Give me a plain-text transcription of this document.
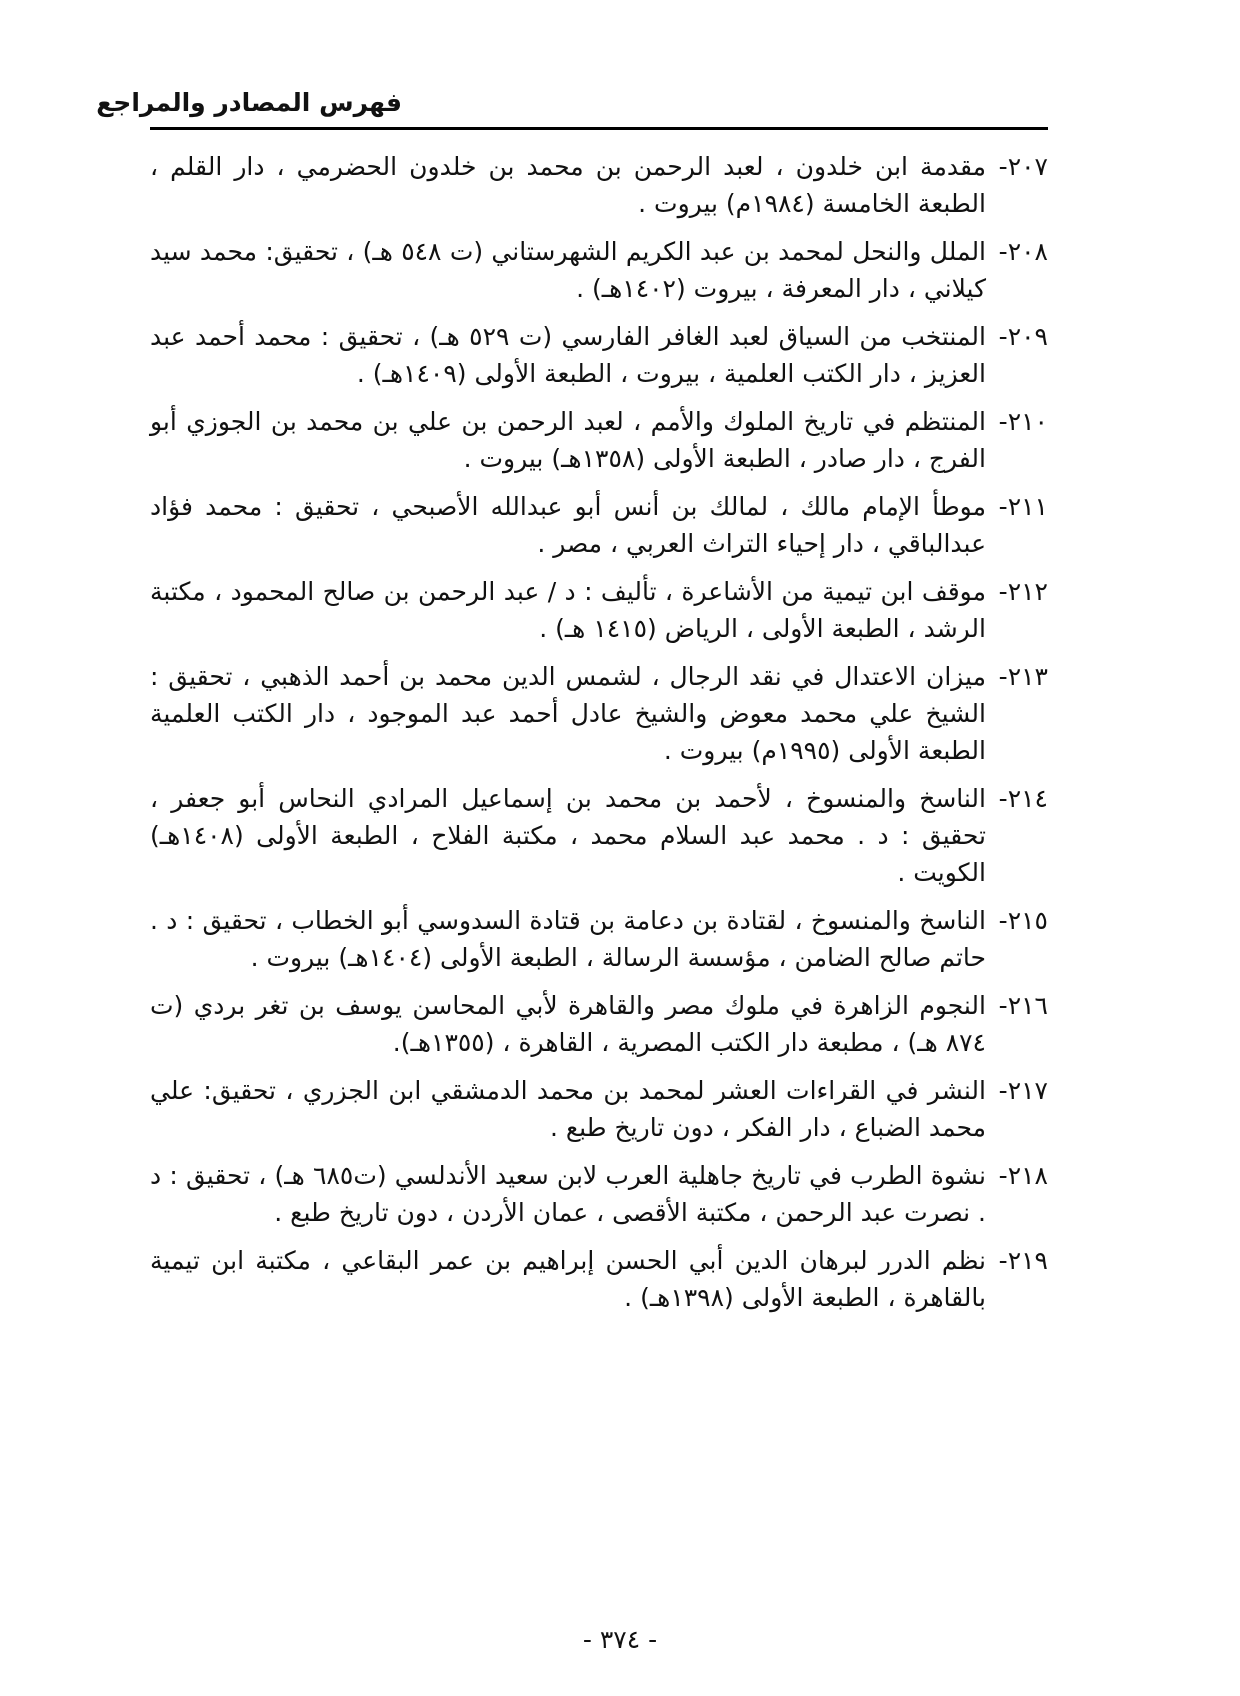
فهرس المصادر والمراجع
٢٠٧-
مقدمة ابن خلدون ، لعبد الرحمن بن محمد بن خلدون الحضرمي ، دار القلم ، الطبعة الخامسة (١٩٨٤م) بيروت .
٢٠٨-
الملل والنحل لمحمد بن عبد الكريم الشهرستاني (ت ٥٤٨ هـ) ، تحقيق: محمد سيد كيلاني ، دار المعرفة ، بيروت (١٤٠٢هـ) .
٢٠٩-
المنتخب من السياق لعبد الغافر الفارسي (ت ٥٢٩ هـ) ، تحقيق : محمد أحمد عبد العزيز ، دار الكتب العلمية ، بيروت ، الطبعة الأولى (١٤٠٩هـ) .
٢١٠-
المنتظم في تاريخ الملوك والأمم ، لعبد الرحمن بن علي بن محمد بن الجوزي أبو الفرج ، دار صادر ، الطبعة الأولى (١٣٥٨هـ) بيروت .
٢١١-
موطأ الإمام مالك ، لمالك بن أنس أبو عبدالله الأصبحي ، تحقيق : محمد فؤاد عبدالباقي ، دار إحياء التراث العربي ، مصر .
٢١٢-
موقف ابن تيمية من الأشاعرة ، تأليف : د / عبد الرحمن بن صالح المحمود ، مكتبة الرشد ، الطبعة الأولى ، الرياض (١٤١٥ هـ) .
٢١٣-
ميزان الاعتدال في نقد الرجال ، لشمس الدين محمد بن أحمد الذهبي ، تحقيق : الشيخ علي محمد معوض والشيخ عادل أحمد عبد الموجود ، دار الكتب العلمية الطبعة الأولى (١٩٩٥م) بيروت .
٢١٤-
الناسخ والمنسوخ ، لأحمد بن محمد بن إسماعيل المرادي النحاس أبو جعفر ، تحقيق : د . محمد عبد السلام محمد ، مكتبة الفلاح ، الطبعة الأولى (١٤٠٨هـ) الكويت .
٢١٥-
الناسخ والمنسوخ ، لقتادة بن دعامة بن قتادة السدوسي أبو الخطاب ، تحقيق : د . حاتم صالح الضامن ، مؤسسة الرسالة ، الطبعة الأولى (١٤٠٤هـ) بيروت .
٢١٦-
النجوم الزاهرة في ملوك مصر والقاهرة لأبي المحاسن يوسف بن تغر بردي (ت ٨٧٤ هـ) ، مطبعة دار الكتب المصرية ، القاهرة ، (١٣٥٥هـ).
٢١٧-
النشر في القراءات العشر لمحمد بن محمد الدمشقي ابن الجزري ، تحقيق: علي محمد الضباع ، دار الفكر ، دون تاريخ طبع .
٢١٨-
نشوة الطرب في تاريخ جاهلية العرب لابن سعيد الأندلسي (ت٦٨٥ هـ) ، تحقيق : د . نصرت عبد الرحمن ، مكتبة الأقصى ، عمان الأردن ، دون تاريخ طبع .
٢١٩-
نظم الدرر لبرهان الدين أبي الحسن إبراهيم بن عمر البقاعي ، مكتبة ابن تيمية بالقاهرة ، الطبعة الأولى (١٣٩٨هـ) .
- ٣٧٤ -
